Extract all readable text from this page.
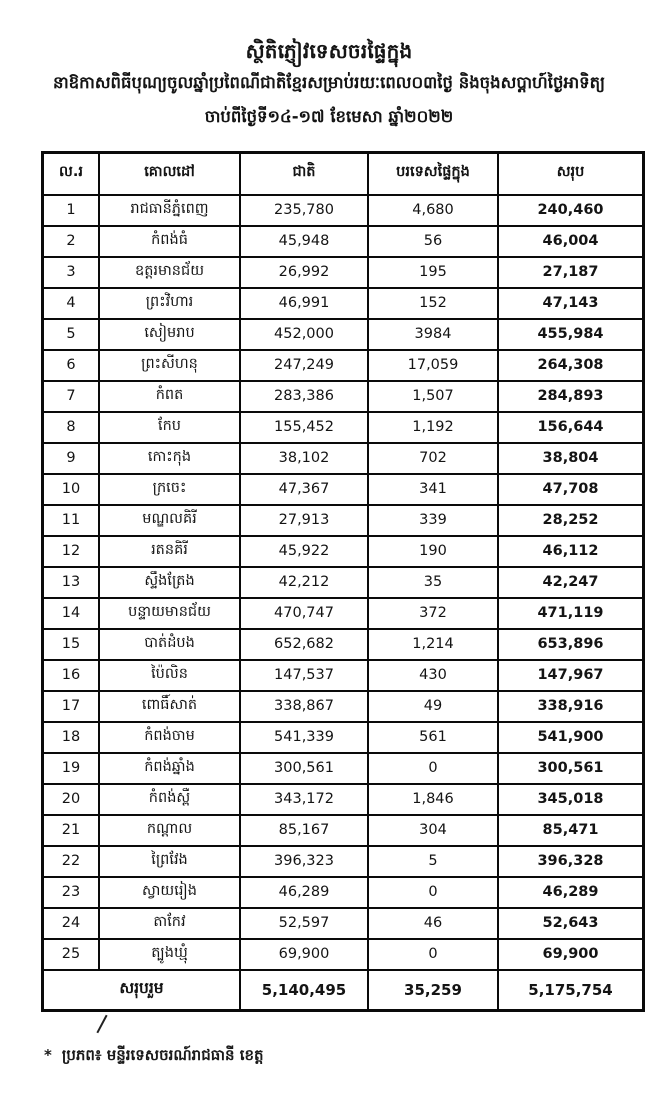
ស្ថិតិភ្ញៀវទេសចរផ្ទៃក្នុង
នាឱកាសពិធីបុណ្យចូលឆ្នាំប្រពៃណីជាតិខ្មែរសម្រាប់រយៈពេល០៣ថ្ងៃ និងចុងសប្តាហ៍ថ្ងៃអាទិត្យ
ចាប់ពីថ្ងៃទី១៤-១៧ ខែមេសា ឆ្នាំ២០២២
ល.រ	គោលដៅ	ជាតិ	បរទេសផ្ទៃក្នុង	សរុប
1	រាជធានីភ្នំពេញ	235,780	4,680	240,460
2	កំពង់ធំ	45,948	56	46,004
3	ឧត្តរមានជ័យ	26,992	195	27,187
4	ព្រះវិហារ	46,991	152	47,143
5	សៀមរាប	452,000	3984	455,984
6	ព្រះសីហនុ	247,249	17,059	264,308
7	កំពត	283,386	1,507	284,893
8	កែប	155,452	1,192	156,644
9	កោះកុង	38,102	702	38,804
10	ក្រចេះ	47,367	341	47,708
11	មណ្ឌលគិរី	27,913	339	28,252
12	រតនគិរី	45,922	190	46,112
13	ស្ទឹងត្រែង	42,212	35	42,247
14	បន្ទាយមានជ័យ	470,747	372	471,119
15	បាត់ដំបង	652,682	1,214	653,896
16	ប៉ៃលិន	147,537	430	147,967
17	ពោធិ៍សាត់	338,867	49	338,916
18	កំពង់ចាម	541,339	561	541,900
19	កំពង់ឆ្នាំង	300,561	0	300,561
20	កំពង់ស្ពឺ	343,172	1,846	345,018
21	កណ្តាល	85,167	304	85,471
22	ព្រៃវែង	396,323	5	396,328
23	ស្វាយរៀង	46,289	0	46,289
24	តាកែវ	52,597	46	52,643
25	ត្បូងឃ្មុំ	69,900	0	69,900
សរុបរួម		5,140,495	35,259	5,175,754
* ប្រភព៖ មន្ទីរទេសចរណ៍រាជធានី ខេត្ត
